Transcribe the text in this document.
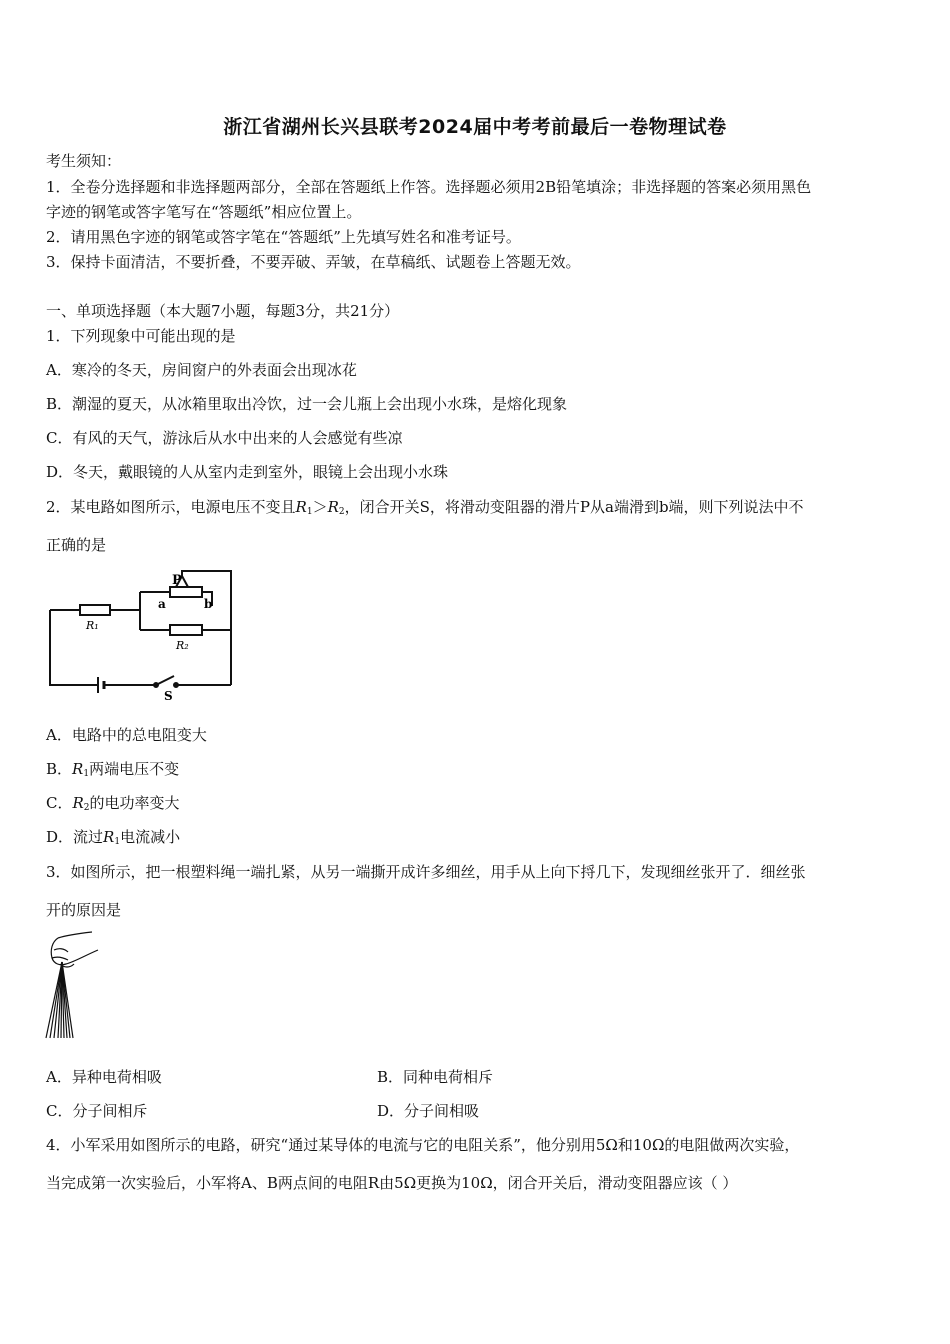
浙江省湖州长兴县联考2024届中考考前最后一卷物理试卷
考生须知：
1．全卷分选择题和非选择题两部分，全部在答题纸上作答。选择题必须用2B铅笔填涂；非选择题的答案必须用黑色
字迹的钢笔或答字笔写在“答题纸”相应位置上。
2．请用黑色字迹的钢笔或答字笔在“答题纸”上先填写姓名和准考证号。
3．保持卡面清洁，不要折叠，不要弄破、弄皱，在草稿纸、试题卷上答题无效。
一、单项选择题（本大题7小题，每题3分，共21分）
1．下列现象中可能出现的是
A．寒冷的冬天，房间窗户的外表面会出现冰花
B．潮湿的夏天，从冰箱里取出冷饮，过一会儿瓶上会出现小水珠，是熔化现象
C．有风的天气，游泳后从水中出来的人会感觉有些凉
D．冬天，戴眼镜的人从室内走到室外，眼镜上会出现小水珠
2．某电路如图所示，电源电压不变且$R_1>R_2$，闭合开关S，将滑动变阻器的滑片P从a端滑到b端，则下列说法中不
正确的是
P
a	b
R₁
R₂
S
A．电路中的总电阻变大
B．$R_1$两端电压不变
C．$R_2$的电功率变大
D．流过$R_1$电流减小
3．如图所示，把一根塑料绳一端扎紧，从另一端撕开成许多细丝，用手从上向下捋几下，发现细丝张开了．细丝张
开的原因是
A．异种电荷相吸	B．同种电荷相斥
C．分子间相斥	D．分子间相吸
4．小军采用如图所示的电路，研究“通过某导体的电流与它的电阻关系”，他分别用5Ω和10Ω的电阻做两次实验，
当完成第一次实验后，小军将A、B两点间的电阻R由5Ω更换为10Ω，闭合开关后，滑动变阻器应该（ ）
